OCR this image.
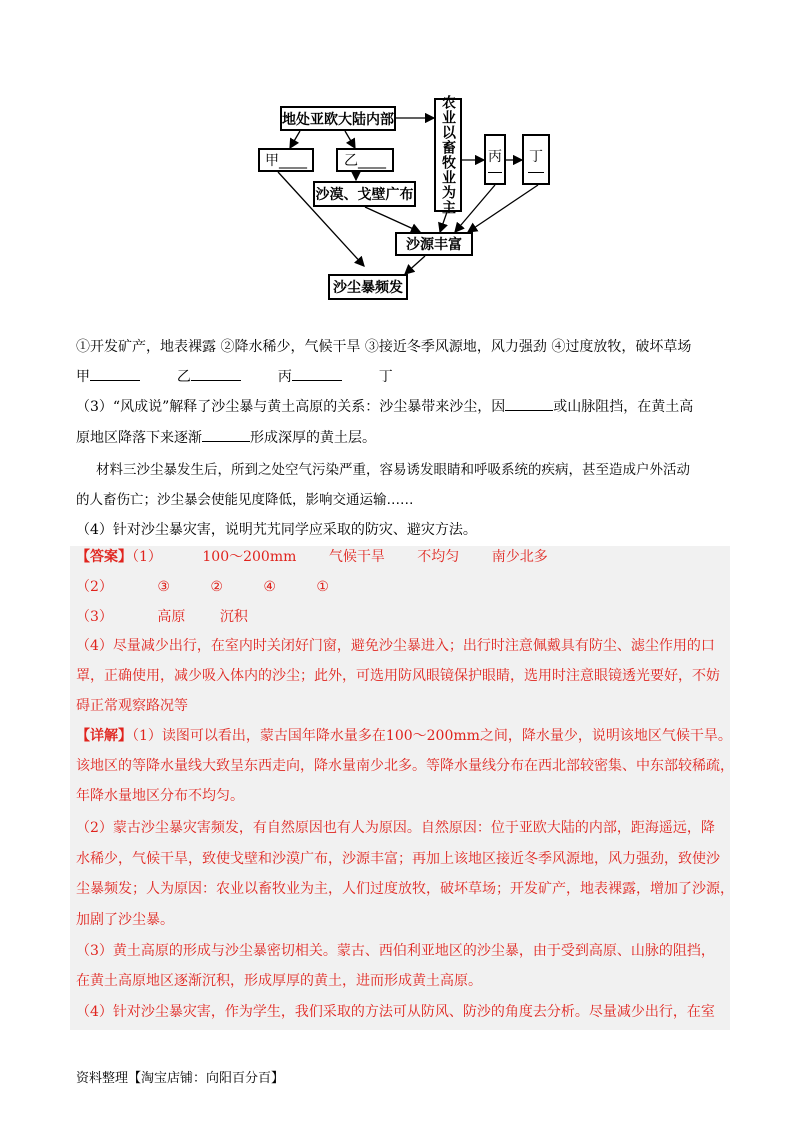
地处亚欧大陆内部
甲____	乙____
沙漠、戈壁广布	农业以畜牧业为主	丙 丁
沙源丰富
沙尘暴频发
①开发矿产，地表裸露 ②降水稀少，气候干旱 ③接近冬季风源地，风力强劲 ④过度放牧，破坏草场
甲	乙	丙	丁
（3）“风成说”解释了沙尘暴与黄土高原的关系：沙尘暴带来沙尘，因	或山脉阻挡，在黄土高
原地区降落下来逐渐	形成深厚的黄土层。
材料三沙尘暴发生后，所到之处空气污染严重，容易诱发眼睛和呼吸系统的疾病，甚至造成户外活动
的人畜伤亡；沙尘暴会使能见度降低，影响交通运输……
（4）针对沙尘暴灾害，说明艽艽同学应采取的防灾、避灾方法。
【答案】（1）	100～200mm 气候干旱 不均匀 南少北多
（2）	③	②	④	①
（3）	高原 沉积
（4）尽量减少出行，在室内时关闭好门窗，避免沙尘暴进入；出行时注意佩戴具有防尘、滤尘作用的口
罩，正确使用，减少吸入体内的沙尘；此外，可选用防风眼镜保护眼睛，选用时注意眼镜透光要好，不妨
碍正常观察路况等
【详解】（1）读图可以看出，蒙古国年降水量多在100～200mm之间，降水量少，说明该地区气候干旱。
该地区的等降水量线大致呈东西走向，降水量南少北多。等降水量线分布在西北部较密集、中东部较稀疏，
年降水量地区分布不均匀。
（2）蒙古沙尘暴灾害频发，有自然原因也有人为原因。自然原因：位于亚欧大陆的内部，距海遥远，降
水稀少，气候干旱，致使戈壁和沙漠广布，沙源丰富；再加上该地区接近冬季风源地，风力强劲，致使沙
尘暴频发；人为原因：农业以畜牧业为主，人们过度放牧，破坏草场；开发矿产，地表裸露，增加了沙源，
加剧了沙尘暴。
（3）黄土高原的形成与沙尘暴密切相关。蒙古、西伯利亚地区的沙尘暴，由于受到高原、山脉的阻挡，
在黄土高原地区逐渐沉积，形成厚厚的黄土，进而形成黄土高原。
（4）针对沙尘暴灾害，作为学生，我们采取的方法可从防风、防沙的角度去分析。尽量减少出行，在室
资料整理【淘宝店铺：向阳百分百】
